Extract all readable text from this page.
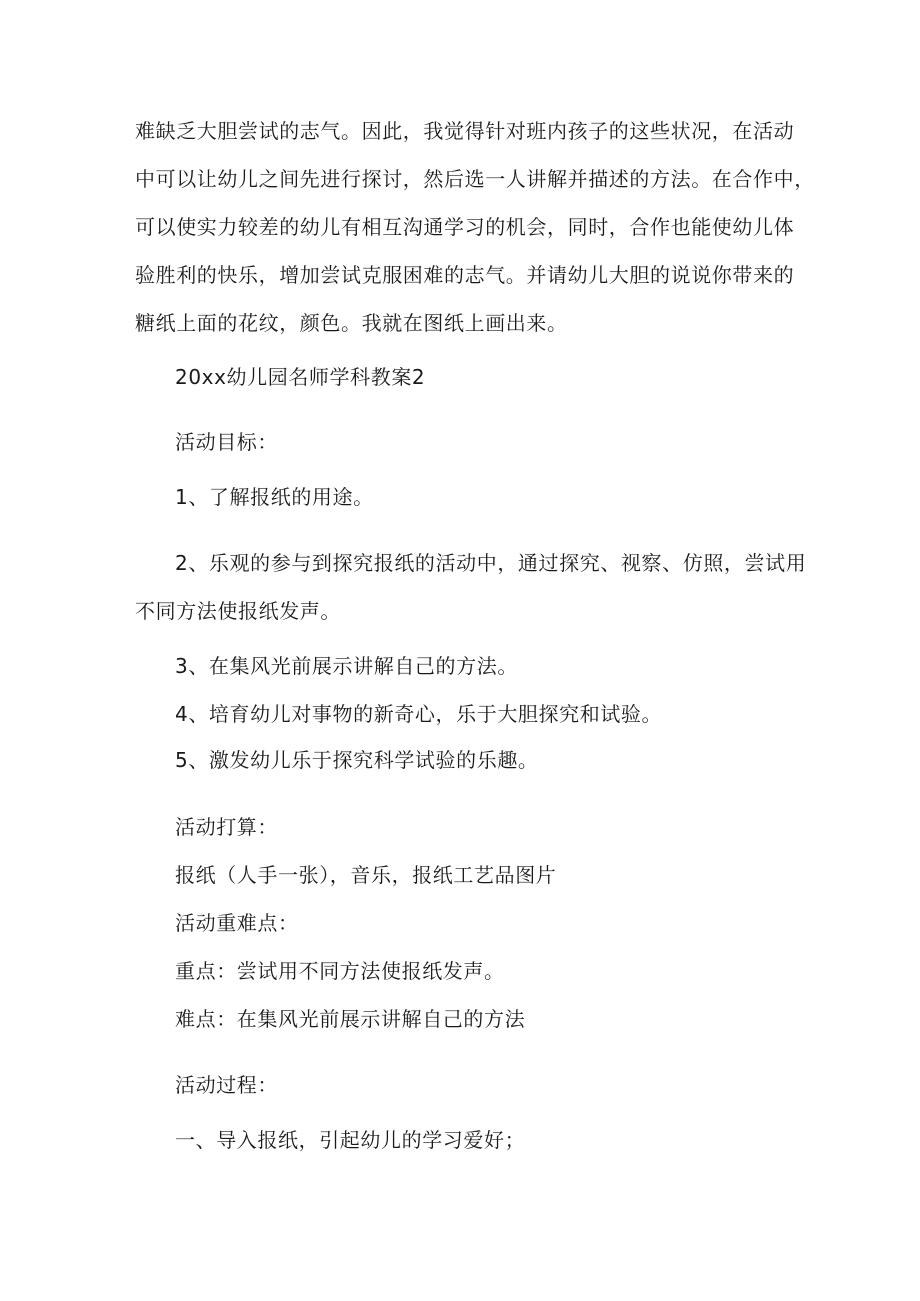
难缺乏大胆尝试的志气。因此，我觉得针对班内孩子的这些状况，在活动
中可以让幼儿之间先进行探讨，然后选一人讲解并描述的方法。在合作中，
可以使实力较差的幼儿有相互沟通学习的机会，同时，合作也能使幼儿体
验胜利的快乐，增加尝试克服困难的志气。并请幼儿大胆的说说你带来的
糖纸上面的花纹，颜色。我就在图纸上画出来。
20xx幼儿园名师学科教案2
活动目标：
1、了解报纸的用途。
2、乐观的参与到探究报纸的活动中，通过探究、视察、仿照，尝试用
不同方法使报纸发声。
3、在集风光前展示讲解自己的方法。
4、培育幼儿对事物的新奇心，乐于大胆探究和试验。
5、激发幼儿乐于探究科学试验的乐趣。
活动打算：
报纸（人手一张），音乐，报纸工艺品图片
活动重难点：
重点：尝试用不同方法使报纸发声。
难点：在集风光前展示讲解自己的方法
活动过程：
一、导入报纸，引起幼儿的学习爱好；
